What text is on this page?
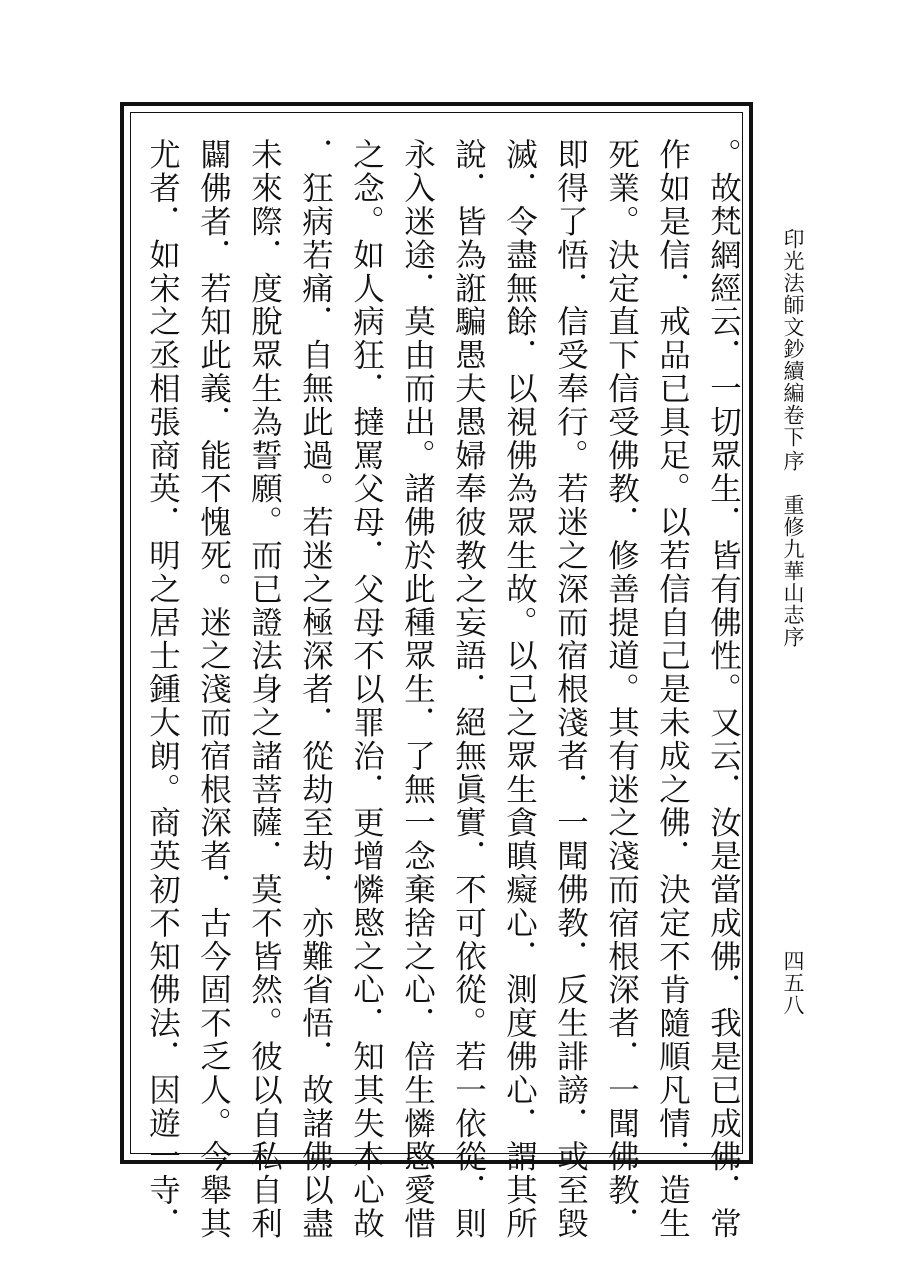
印光法師文鈔續編卷下
序　重修九華山志序
四五八
。故梵網經云．一切眾生．皆有佛性。又云．汝是當成佛．我是已成佛．常
作如是信．戒品已具足。以若信自己是未成之佛．決定不肯隨順凡情．造生
死業。決定直下信受佛教．修善提道。其有迷之淺而宿根深者．一聞佛教．
即得了悟．信受奉行。若迷之深而宿根淺者．一聞佛教．反生誹謗．或至毀
滅．令盡無餘．以視佛為眾生故。以己之眾生貪瞋癡心．測度佛心．謂其所
說．皆為誑騙愚夫愚婦奉彼教之妄語．絕無眞實．不可依從。若一依從．則
永入迷途．莫由而出。諸佛於此種眾生．了無一念棄捨之心．倍生憐愍愛惜
之念。如人病狂．撻罵父母．父母不以罪治．更增憐愍之心．知其失本心故
．狂病若痛．自無此過。若迷之極深者．從劫至劫．亦難省悟．故諸佛以盡
未來際．度脫眾生為誓願。而已證法身之諸菩薩．莫不皆然。彼以自私自利
闢佛者．若知此義．能不愧死。迷之淺而宿根深者．古今固不乏人。今舉其
尤者．如宋之丞相張商英．明之居士鍾大朗。商英初不知佛法．因遊一寺．
